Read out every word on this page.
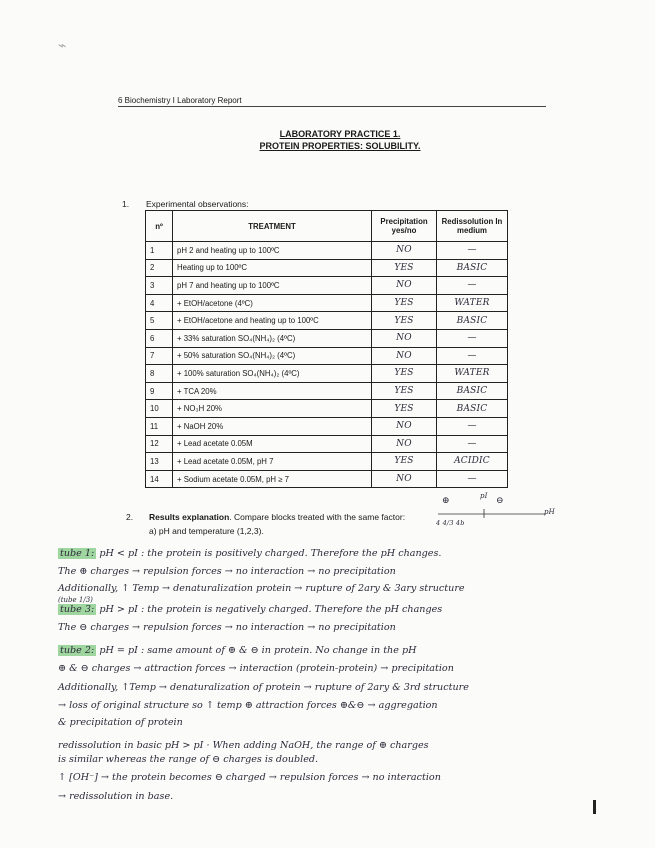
⌁
6 Biochemistry I Laboratory Report
LABORATORY PRACTICE 1.
PROTEIN PROPERTIES: SOLUBILITY.
1. Experimental observations:
nº	TREATMENT	Precipitation yes/no	Redissolution In medium
1	pH 2 and heating up to 100ºC	NO	—
2	Heating up to 100ºC	YES	BASIC
3	pH 7 and heating up to 100ºC	NO	—
4	+ EtOH/acetone (4ºC)	YES	WATER
5	+ EtOH/acetone and heating up to 100ºC	YES	BASIC
6	+ 33% saturation SO₄(NH₄)₂ (4ºC)	NO	—
7	+ 50% saturation SO₄(NH₄)₂ (4ºC)	NO	—
8	+ 100% saturation SO₄(NH₄)₂ (4ºC)	YES	WATER
9	+ TCA 20%	YES	BASIC
10	+ NO₃H 20%	YES	BASIC
11	+ NaOH 20%	NO	—
12	+ Lead acetate 0.05M	NO	—
13	+ Lead acetate 0.05M, pH 7	YES	ACIDIC
14	+ Sodium acetate 0.05M, pH ≥ 7	NO	—
2. Results explanation. Compare blocks treated with the same factor:
a) pH and temperature (1,2,3).
⊕	pI ⊖
pH
4 4/3 4b
tube 1: pH < pI : the protein is positively charged. Therefore the pH changes.
The ⊕ charges → repulsion forces → no interaction → no precipitation
Additionally, ↑ Temp → denaturalization protein → rupture of 2ary & 3ary structure
(tube 1/3)
tube 3: pH > pI : the protein is negatively charged. Therefore the pH changes
The ⊖ charges → repulsion forces → no interaction → no precipitation
tube 2: pH = pI : same amount of ⊕ & ⊖ in protein. No change in the pH
⊕ & ⊖ charges → attraction forces → interaction (protein-protein) → precipitation
Additionally, ↑Temp → denaturalization of protein → rupture of 2ary & 3rd structure
→ loss of original structure so ↑ temp ⊕ attraction forces ⊕&⊖ → aggregation
& precipitation of protein
redissolution in basic pH > pI · When adding NaOH, the range of ⊕ charges
is similar whereas the range of ⊖ charges is doubled.
↑ [OH⁻] → the protein becomes ⊖ charged → repulsion forces → no interaction
→ redissolution in base.
